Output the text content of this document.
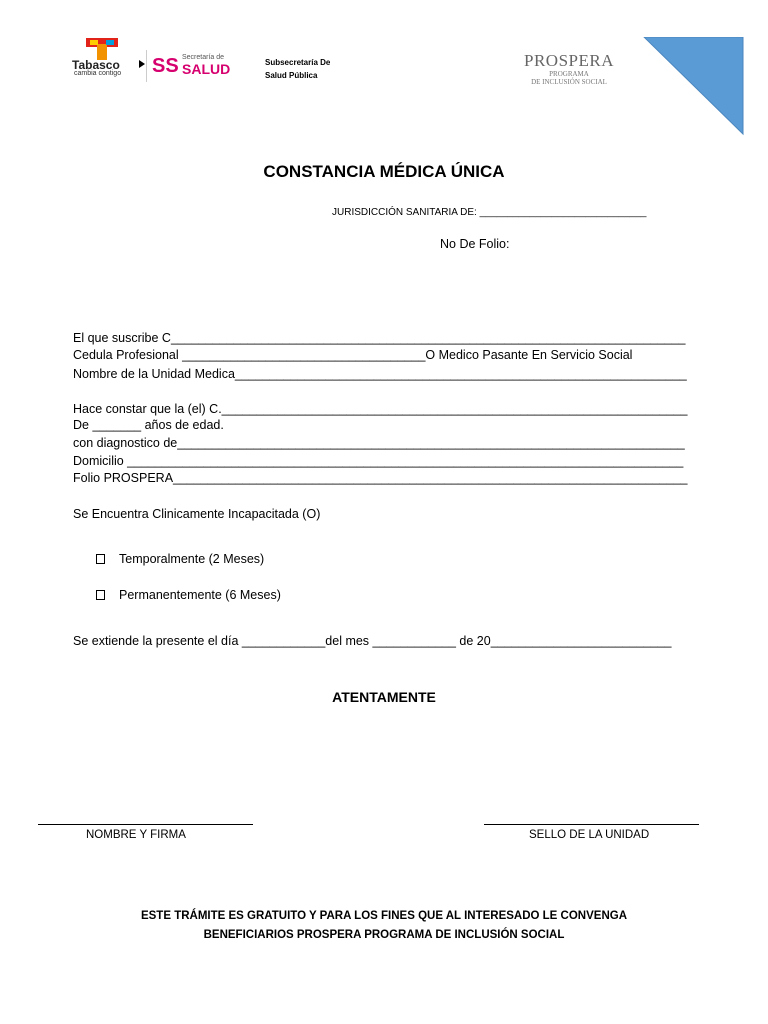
Tabasco
cambia contigo SS Secretaría de
SALUD	Subsecretaría De
Salud Pública
PROSPERA
PROGRAMA
DE INCLUSIÓN SOCIAL
CONSTANCIA MÉDICA ÚNICA
JURISDICCIÓN SANITARIA DE: ______________________________
No De Folio:
El que suscribe C__________________________________________________________________________
Cedula Profesional ___________________________________O Medico Pasante En Servicio Social
Nombre de la Unidad Medica_________________________________________________________________
Hace constar que la (el) C.___________________________________________________________________
De _______ años de edad.
con diagnostico de_________________________________________________________________________
Domicilio ________________________________________________________________________________
Folio PROSPERA__________________________________________________________________________
Se Encuentra Clinicamente Incapacitada (O)
Temporalmente (2 Meses)
Permanentemente (6 Meses)
Se extiende la presente el día ____________del mes ____________ de 20__________________________
ATENTAMENTE
NOMBRE Y FIRMA	SELLO DE LA UNIDAD
ESTE TRÁMITE ES GRATUITO Y PARA LOS FINES QUE AL INTERESADO LE CONVENGA
BENEFICIARIOS PROSPERA PROGRAMA DE INCLUSIÓN SOCIAL
